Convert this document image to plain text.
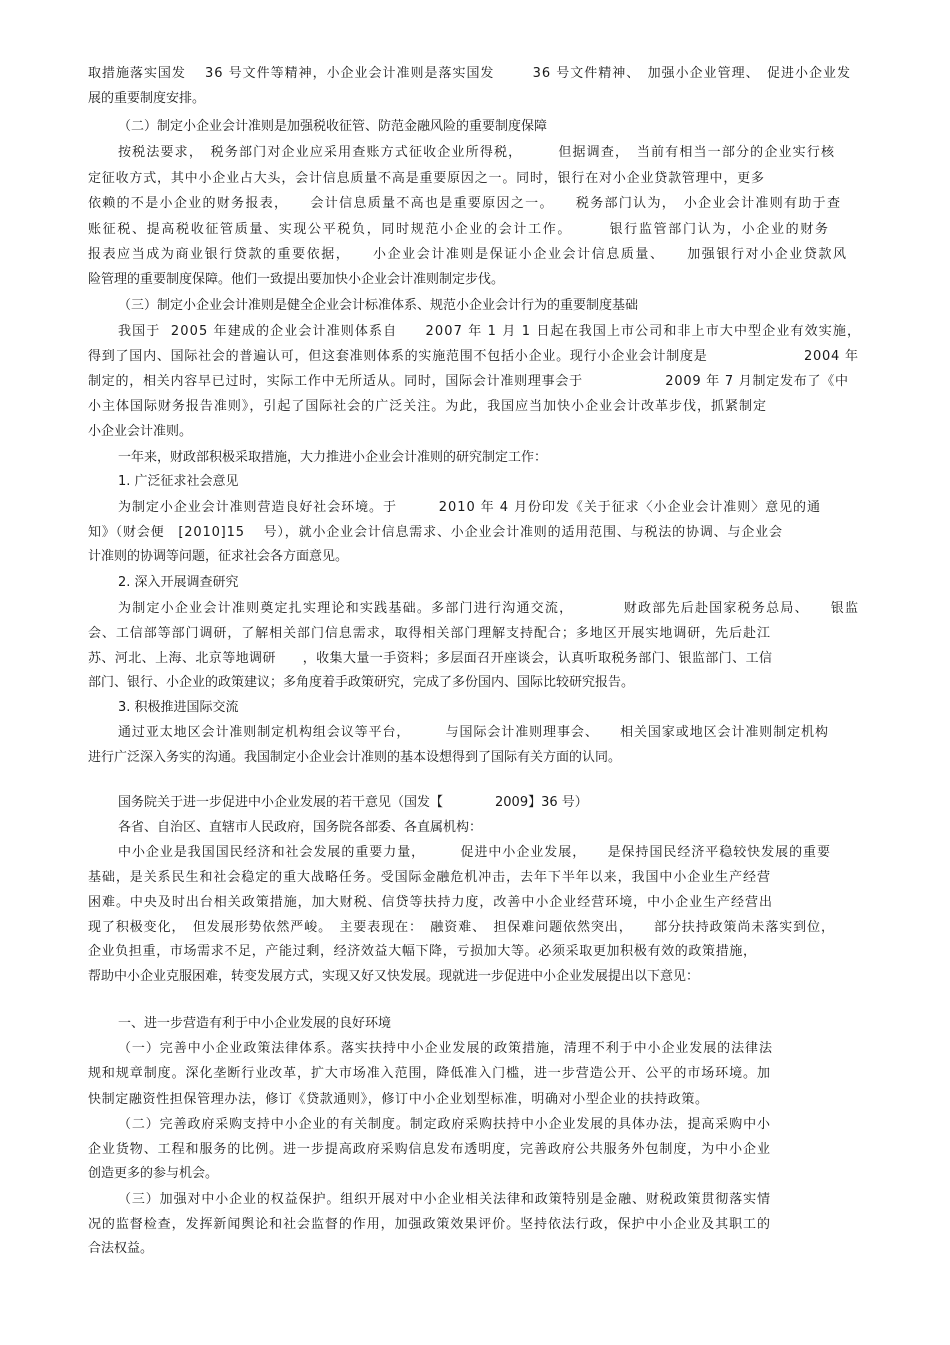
取措施落实国发　 36 号文件等精神，小企业会计准则是落实国发　　  36 号文件精神、　加强小企业管理、　促进小企业发
展的重要制度安排。
（二）制定小企业会计准则是加强税收征管、防范金融风险的重要制度保障
按税法要求，　税务部门对企业应采用查账方式征收企业所得税，　　　但据调查，　当前有相当一部分的企业实行核
定征收方式，其中小企业占大头，会计信息质量不高是重要原因之一。同时，银行在对小企业贷款管理中，更多
依赖的不是小企业的财务报表，　　会计信息质量不高也是重要原因之一。　　税务部门认为，　小企业会计准则有助于查
账征税、提高税收征管质量、实现公平税负，同时规范小企业的会计工作。　　　银行监管部门认为，小企业的财务
报表应当成为商业银行贷款的重要依据，　　小企业会计准则是保证小企业会计信息质量、　　加强银行对小企业贷款风
险管理的重要制度保障。他们一致提出要加快小企业会计准则制定步伐。
（三）制定小企业会计准则是健全企业会计标准体系、规范小企业会计行为的重要制度基础
我国于  2005 年建成的企业会计准则体系自　　2007 年 1 月 1 日起在我国上市公司和非上市大中型企业有效实施，
得到了国内、国际社会的普遍认可，但这套准则体系的实施范围不包括小企业。现行小企业会计制度是　　　　　　　2004 年
制定的，相关内容早已过时，实际工作中无所适从。同时，国际会计准则理事会于　　　　　　2009 年 7 月制定发布了《中
小主体国际财务报告准则》，引起了国际社会的广泛关注。为此，我国应当加快小企业会计改革步伐，抓紧制定
小企业会计准则。
一年来，财政部积极采取措施，大力推进小企业会计准则的研究制定工作：
1. 广泛征求社会意见
为制定小企业会计准则营造良好社会环境。于　　　2010 年 4 月份印发《关于征求〈小企业会计准则〉意见的通
知》（财会便　[2010]15　 号），就小企业会计信息需求、小企业会计准则的适用范围、与税法的协调、与企业会
计准则的协调等问题，征求社会各方面意见。
2. 深入开展调查研究
为制定小企业会计准则奠定扎实理论和实践基础。多部门进行沟通交流，　　　　财政部先后赴国家税务总局、　　银监
会、工信部等部门调研，了解相关部门信息需求，取得相关部门理解支持配合；多地区开展实地调研，先后赴江
苏、河北、上海、北京等地调研　　，收集大量一手资料；多层面召开座谈会，认真听取税务部门、银监部门、工信
部门、银行、小企业的政策建议；多角度着手政策研究，完成了多份国内、国际比较研究报告。
3. 积极推进国际交流
通过亚太地区会计准则制定机构组会议等平台，　　　与国际会计准则理事会、　　相关国家或地区会计准则制定机构
进行广泛深入务实的沟通。我国制定小企业会计准则的基本设想得到了国际有关方面的认同。
国务院关于进一步促进中小企业发展的若干意见（国发【　　　　2009】36 号）
各省、自治区、直辖市人民政府，国务院各部委、各直属机构：
中小企业是我国国民经济和社会发展的重要力量，　　　促进中小企业发展，　　是保持国民经济平稳较快发展的重要
基础，是关系民生和社会稳定的重大战略任务。受国际金融危机冲击，去年下半年以来，我国中小企业生产经营
困难。中央及时出台相关政策措施，加大财税、信贷等扶持力度，改善中小企业经营环境，中小企业生产经营出
现了积极变化，　但发展形势依然严峻。　主要表现在：　融资难、　担保难问题依然突出，　　部分扶持政策尚未落实到位，
企业负担重，市场需求不足，产能过剩，经济效益大幅下降，亏损加大等。必须采取更加积极有效的政策措施，
帮助中小企业克服困难，转变发展方式，实现又好又快发展。现就进一步促进中小企业发展提出以下意见：
一、进一步营造有利于中小企业发展的良好环境
（一）完善中小企业政策法律体系。落实扶持中小企业发展的政策措施，清理不利于中小企业发展的法律法
规和规章制度。深化垄断行业改革，扩大市场准入范围，降低准入门槛，进一步营造公开、公平的市场环境。加
快制定融资性担保管理办法，修订《贷款通则》，修订中小企业划型标准，明确对小型企业的扶持政策。
（二）完善政府采购支持中小企业的有关制度。制定政府采购扶持中小企业发展的具体办法，提高采购中小
企业货物、工程和服务的比例。进一步提高政府采购信息发布透明度，完善政府公共服务外包制度，为中小企业
创造更多的参与机会。
（三）加强对中小企业的权益保护。组织开展对中小企业相关法律和政策特别是金融、财税政策贯彻落实情
况的监督检查，发挥新闻舆论和社会监督的作用，加强政策效果评价。坚持依法行政，保护中小企业及其职工的
合法权益。
